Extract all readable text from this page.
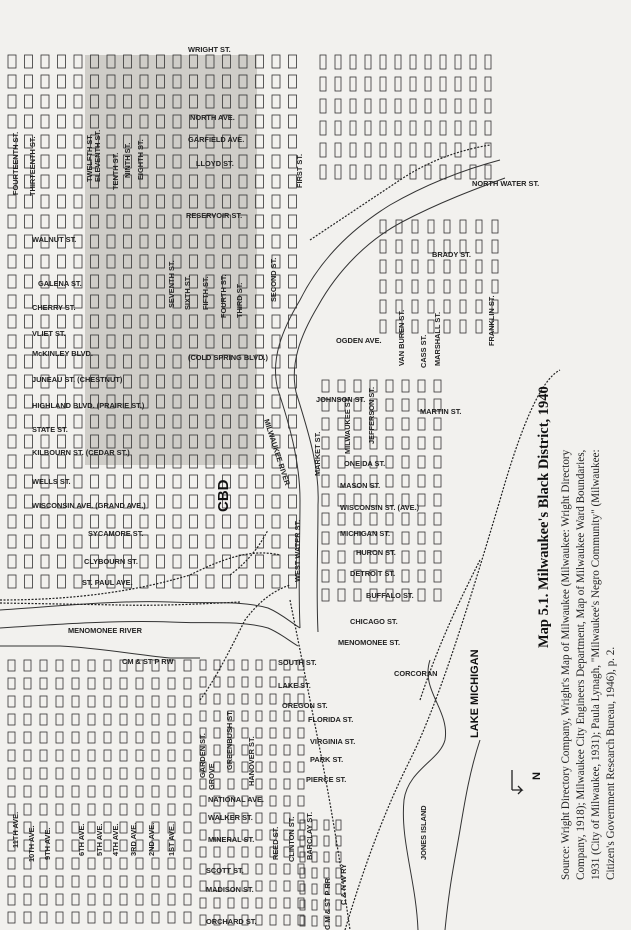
WRIGHT ST.
NORTH AVE.
GARFIELD AVE.
LLOYD ST.
RESERVOIR ST.
WALNUT ST.
GALENA ST.
CHERRY ST.
VLIET ST.
McKINLEY BLVD.	(COLD SPRING BLVD.)
JUNEAU ST. (CHESTNUT)
HIGHLAND BLVD. (PRAIRIE ST.)
STATE ST.
KILBOURN ST. (CEDAR ST.)
WELLS ST.
WISCONSIN AVE. (GRAND AVE.)
SYCAMORE ST.
CLYBOURN ST.
ST. PAUL AVE.
NORTH WATER ST.
BRADY ST.
OGDEN AVE.
JOHNSON ST.
MARTIN ST.
ONEIDA ST.
MASON ST.
WISCONSIN ST. (AVE.)
MICHIGAN ST.
HURON ST.
DETROIT ST.
BUFFALO ST.
CHICAGO ST.
MENOMONEE ST.
CORCORAN
SOUTH ST.
LAKE ST.
OREGON ST.
FLORIDA ST.
VIRGINIA ST.
PARK ST.
PIERCE ST.
NATIONAL AVE.
WALKER ST.
MINERAL ST.
SCOTT ST.
MADISON ST.
ORCHARD ST.
FOURTEENTH ST. THIRTEENTH ST.	TWELFTH ST. ELEVENTH ST. TENTH ST. NINTH ST. EIGHTH ST.
SEVENTH ST. SIXTH ST. FIFTH ST. FOURTH ST. THIRD ST.	SECOND ST.
FIRST ST.
WEST WATER ST.
MARKET ST.	MILWAUKEE ST. JEFFERSON ST.
VAN BUREN ST. CASS ST. MARSHALL ST.	FRANKLIN ST.
11TH AVE. 10TH AVE. 9TH AVE.	6TH AVE. 5TH AVE. 4TH AVE. 3RD AVE. 2ND AVE. 1ST AVE.
GARDEN ST. GROVE
GREENBUSH ST. HANOVER ST.
REED ST. CLINTON ST. BARCLAY ST.	JONES ISLAND
CBD
LAKE MICHIGAN
MENOMONEE RIVER
MILWAUKEE RIVER
CM & ST P RW
C M & ST P RR C & N W RY
N
Map 5.1. Milwaukee's Black District, 1940 Source: Wright Directory Company, Wright's Map of Milwaukee (Milwaukee: Wright Directory Company, 1918); Milwaukee City Engineers Department, Map of Milwaukee Ward Boundaries, 1931 (City of Milwaukee, 1931); Paula Lynagh, "Milwaukee's Negro Community" (Milwaukee: Citizen's Government Research Bureau, 1946), p. 2.
